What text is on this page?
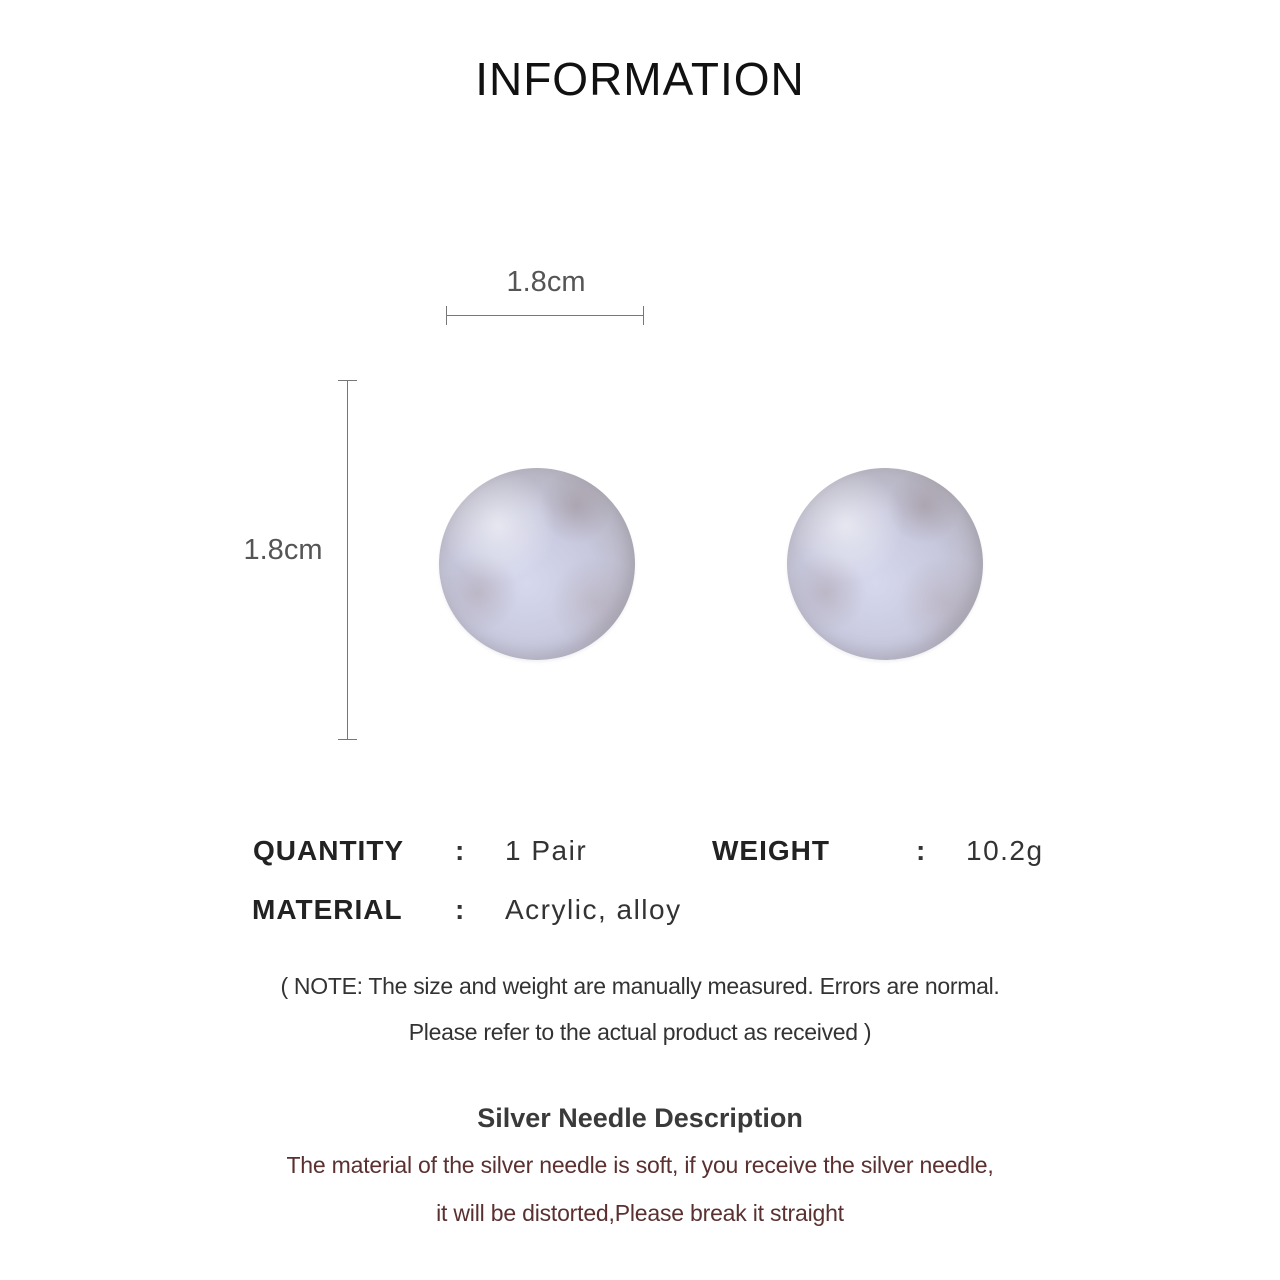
INFORMATION
1.8cm
1.8cm
QUANTITY : 1 Pair	WEIGHT	: 10.2g
MATERIAL : Acrylic, alloy
( NOTE: The size and weight are manually measured. Errors are normal.
Please refer to the actual product as received )
Silver Needle Description
The material of the silver needle is soft, if you receive the silver needle,
it will be distorted,Please break it straight
